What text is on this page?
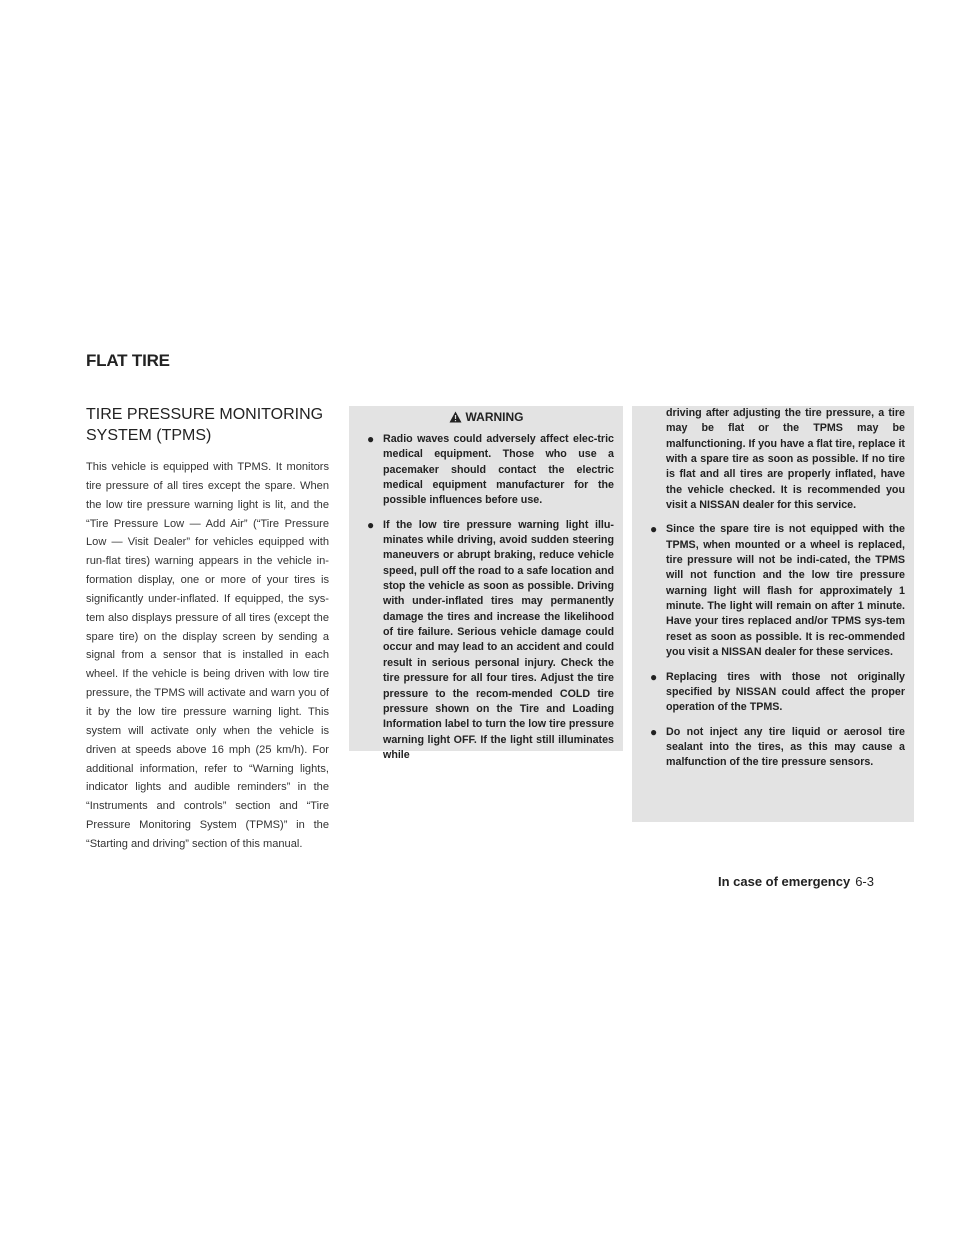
FLAT TIRE
TIRE PRESSURE MONITORING SYSTEM (TPMS)

This vehicle is equipped with TPMS. It monitors tire pressure of all tires except the spare. When the low tire pressure warning light is lit, and the “Tire Pressure Low — Add Air” (“Tire Pressure Low — Visit Dealer” for vehicles equipped with run-flat tires) warning appears in the vehicle in-formation display, one or more of your tires is significantly under-inflated. If equipped, the sys-tem also displays pressure of all tires (except the spare tire) on the display screen by sending a signal from a sensor that is installed in each wheel. If the vehicle is being driven with low tire pressure, the TPMS will activate and warn you of it by the low tire pressure warning light. This system will activate only when the vehicle is driven at speeds above 16 mph (25 km/h). For additional information, refer to “Warning lights, indicator lights and audible reminders” in the “Instruments and controls” section and “Tire Pressure Monitoring System (TPMS)” in the “Starting and driving” section of this manual.

WARNING
● Radio waves could adversely affect elec-tric medical equipment. Those who use a pacemaker should contact the electric medical equipment manufacturer for the possible influences before use.
● If the low tire pressure warning light illu-minates while driving, avoid sudden steering maneuvers or abrupt braking, reduce vehicle speed, pull off the road to a safe location and stop the vehicle as soon as possible. Driving with under-inflated tires may permanently damage the tires and increase the likelihood of tire failure. Serious vehicle damage could occur and may lead to an accident and could result in serious personal injury. Check the tire pressure for all four tires. Adjust the tire pressure to the recom-mended COLD tire pressure shown on the Tire and Loading Information label to turn the low tire pressure warning light OFF. If the light still illuminates while

driving after adjusting the tire pressure, a tire may be flat or the TPMS may be malfunctioning. If you have a flat tire, replace it with a spare tire as soon as possible. If no tire is flat and all tires are properly inflated, have the vehicle checked. It is recommended you visit a NISSAN dealer for this service.

● Since the spare tire is not equipped with the TPMS, when mounted or a wheel is replaced, tire pressure will not be indi-cated, the TPMS will not function and the low tire pressure warning light will flash for approximately 1 minute. The light will remain on after 1 minute. Have your tires replaced and/or TPMS sys-tem reset as soon as possible. It is rec-ommended you visit a NISSAN dealer for these services.
● Replacing tires with those not originally specified by NISSAN could affect the proper operation of the TPMS.
● Do not inject any tire liquid or aerosol tire sealant into the tires, as this may cause a malfunction of the tire pressure sensors.
In case of emergency 6-3
